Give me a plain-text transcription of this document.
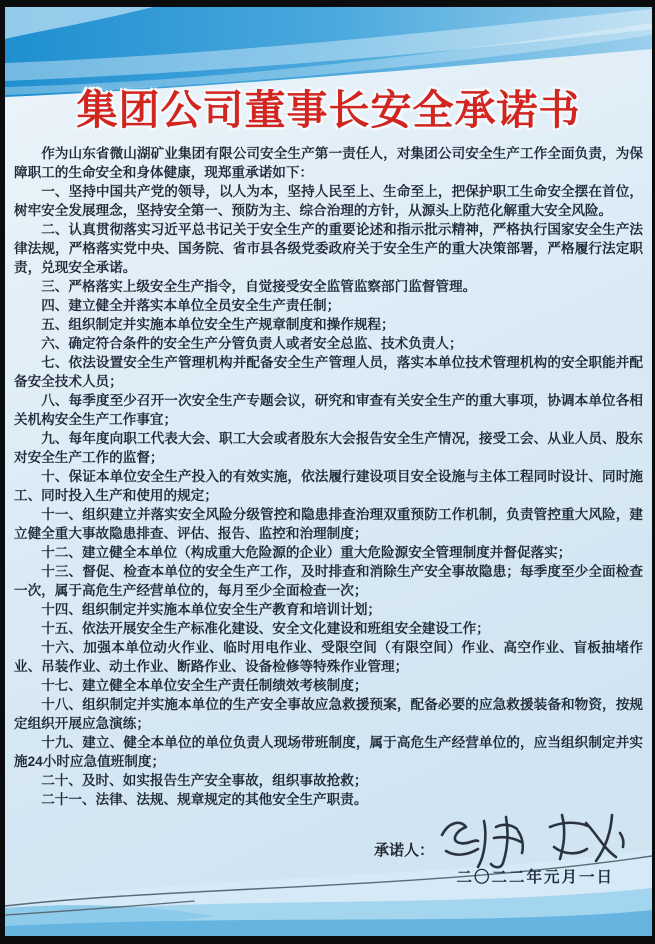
集团公司董事长安全承诺书

作为山东省微山湖矿业集团有限公司安全生产第一责任人，对集团公司安全生产工作全面负责，为保障职工的生命安全和身体健康，现郑重承诺如下：

一、坚持中国共产党的领导，以人为本，坚持人民至上、生命至上，把保护职工生命安全摆在首位，树牢安全发展理念，坚持安全第一、预防为主、综合治理的方针，从源头上防范化解重大安全风险。

二、认真贯彻落实习近平总书记关于安全生产的重要论述和指示批示精神，严格执行国家安全生产法律法规，严格落实党中央、国务院、省市县各级党委政府关于安全生产的重大决策部署，严格履行法定职责，兑现安全承诺。

三、严格落实上级安全生产指令，自觉接受安全监管监察部门监督管理。

四、建立健全并落实本单位全员安全生产责任制；

五、组织制定并实施本单位安全生产规章制度和操作规程；

六、确定符合条件的安全生产分管负责人或者安全总监、技术负责人；

七、依法设置安全生产管理机构并配备安全生产管理人员，落实本单位技术管理机构的安全职能并配备安全技术人员；

八、每季度至少召开一次安全生产专题会议，研究和审查有关安全生产的重大事项，协调本单位各相关机构安全生产工作事宜；

九、每年度向职工代表大会、职工大会或者股东大会报告安全生产情况，接受工会、从业人员、股东对安全生产工作的监督；

十、保证本单位安全生产投入的有效实施，依法履行建设项目安全设施与主体工程同时设计、同时施工、同时投入生产和使用的规定；

十一、组织建立并落实安全风险分级管控和隐患排查治理双重预防工作机制，负责管控重大风险，建立健全重大事故隐患排查、评估、报告、监控和治理制度；

十二、建立健全本单位（构成重大危险源的企业）重大危险源安全管理制度并督促落实；

十三、督促、检查本单位的安全生产工作，及时排查和消除生产安全事故隐患；每季度至少全面检查一次，属于高危生产经营单位的，每月至少全面检查一次；

十四、组织制定并实施本单位安全生产教育和培训计划；

十五、依法开展安全生产标准化建设、安全文化建设和班组安全建设工作；

十六、加强本单位动火作业、临时用电作业、受限空间（有限空间）作业、高空作业、盲板抽堵作业、吊装作业、动土作业、断路作业、设备检修等特殊作业管理；

十七、建立健全本单位安全生产责任制绩效考核制度；

十八、组织制定并实施本单位的生产安全事故应急救援预案，配备必要的应急救援装备和物资，按规定组织开展应急演练；

十九、建立、健全本单位的单位负责人现场带班制度，属于高危生产经营单位的，应当组织制定并实施24小时应急值班制度；

二十、及时、如实报告生产安全事故，组织事故抢救；

二十一、法律、法规、规章规定的其他安全生产职责。

承诺人：
二〇二二年元月一日
